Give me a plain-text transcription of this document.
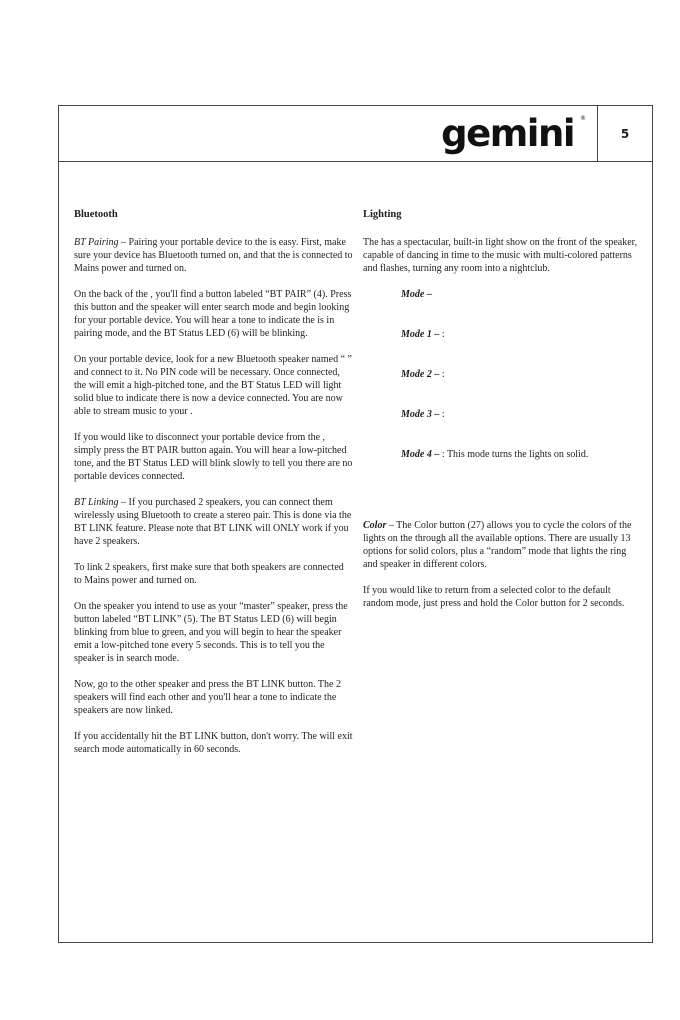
gemini ®
5
Bluetooth

BT Pairing – Pairing your portable device to the is easy. First, make sure your device has Bluetooth turned on, and that the is connected to Mains power and turned on.

On the back of the , you'll find a button labeled “BT PAIR” (4). Press this button and the speaker will enter search mode and begin looking for your portable device. You will hear a tone to indicate the is in pairing mode, and the BT Status LED (6) will be blinking.

On your portable device, look for a new Bluetooth speaker named “ ” and connect to it. No PIN code will be necessary. Once connected, the will emit a high-pitched tone, and the BT Status LED will light solid blue to indicate there is now a device connected. You are now able to stream music to your .

If you would like to disconnect your portable device from the , simply press the BT PAIR button again. You will hear a low-pitched tone, and the BT Status LED will blink slowly to tell you there are no portable devices connected.

BT Linking – If you purchased 2 speakers, you can connect them wirelessly using Bluetooth to create a stereo pair. This is done via the BT LINK feature. Please note that BT LINK will ONLY work if you have 2 speakers.

To link 2 speakers, first make sure that both speakers are connected to Mains power and turned on.

On the speaker you intend to use as your “master” speaker, press the button labeled “BT LINK” (5). The BT Status LED (6) will begin blinking from blue to green, and you will begin to hear the speaker emit a low-pitched tone every 5 seconds. This is to tell you the speaker is in search mode.

Now, go to the other speaker and press the BT LINK button. The 2 speakers will find each other and you'll hear a tone to indicate the speakers are now linked.

If you accidentally hit the BT LINK button, don't worry. The will exit search mode automatically in 60 seconds.

Lighting

The has a spectacular, built-in light show on the front of the speaker, capable of dancing in time to the music with multi-colored patterns and flashes, turning any room into a nightclub.

Mode –

Mode 1 – :

Mode 2 – :

Mode 3 – :

Mode 4 – : This mode turns the lights on solid.

Color – The Color button (27) allows you to cycle the colors of the lights on the through all the available options. There are usually 13 options for solid colors, plus a “random” mode that lights the ring and speaker in different colors.

If you would like to return from a selected color to the default random mode, just press and hold the Color button for 2 seconds.
